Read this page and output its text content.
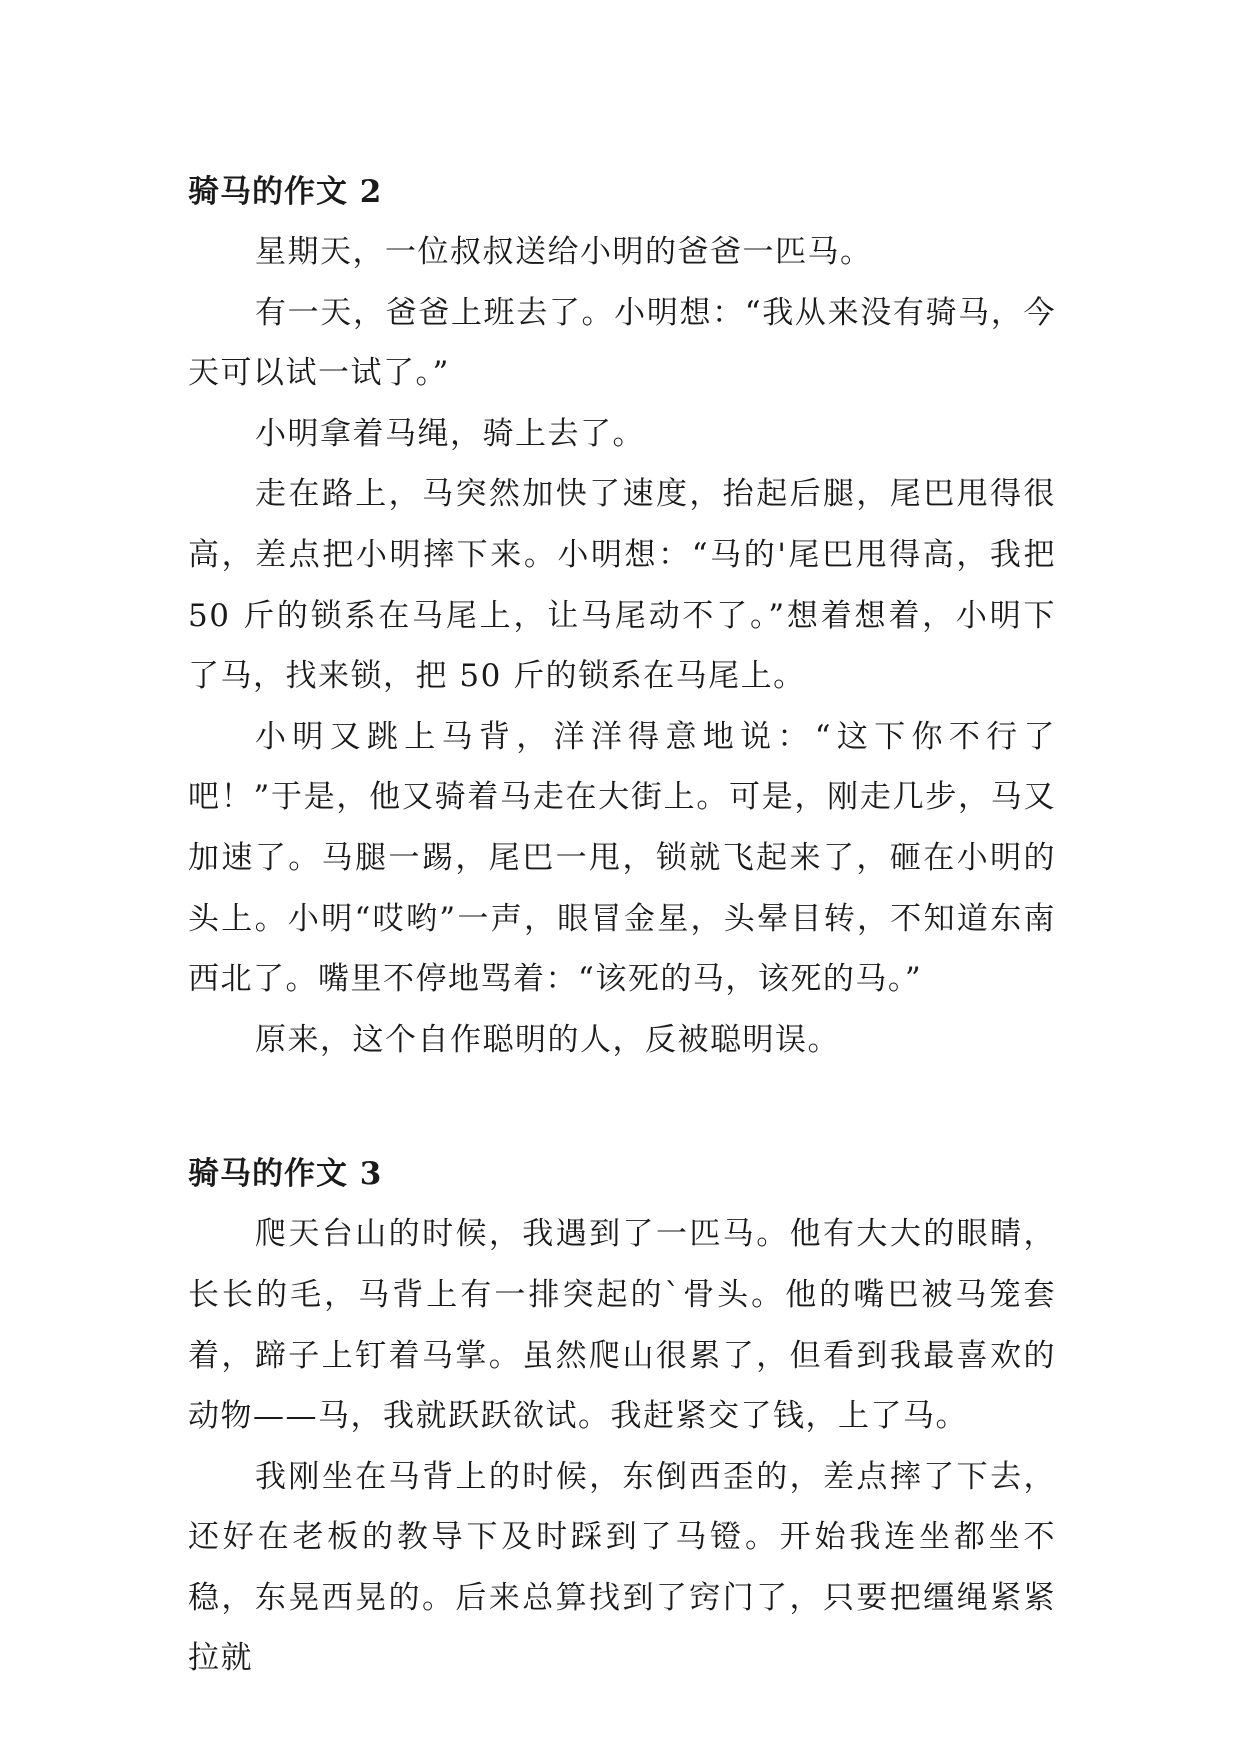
骑马的作文 2

星期天，一位叔叔送给小明的爸爸一匹马。

有一天，爸爸上班去了。小明想：“我从来没有骑马，今天可以试一试了。”

小明拿着马绳，骑上去了。

走在路上，马突然加快了速度，抬起后腿，尾巴甩得很高，差点把小明摔下来。小明想：“马的'尾巴甩得高，我把 50 斤的锁系在马尾上，让马尾动不了。”想着想着，小明下了马，找来锁，把 50 斤的锁系在马尾上。

小明又跳上马背，洋洋得意地说：“这下你不行了吧！”于是，他又骑着马走在大街上。可是，刚走几步，马又加速了。马腿一踢，尾巴一甩，锁就飞起来了，砸在小明的头上。小明“哎哟”一声，眼冒金星，头晕目转，不知道东南西北了。嘴里不停地骂着：“该死的马，该死的马。”

原来，这个自作聪明的人，反被聪明误。

骑马的作文 3

爬天台山的时候，我遇到了一匹马。他有大大的眼睛，长长的毛，马背上有一排突起的`骨头。他的嘴巴被马笼套着，蹄子上钉着马掌。虽然爬山很累了，但看到我最喜欢的动物——马，我就跃跃欲试。我赶紧交了钱，上了马。

我刚坐在马背上的时候，东倒西歪的，差点摔了下去，还好在老板的教导下及时踩到了马镫。开始我连坐都坐不稳，东晃西晃的。后来总算找到了窍门了，只要把缰绳紧紧拉就
